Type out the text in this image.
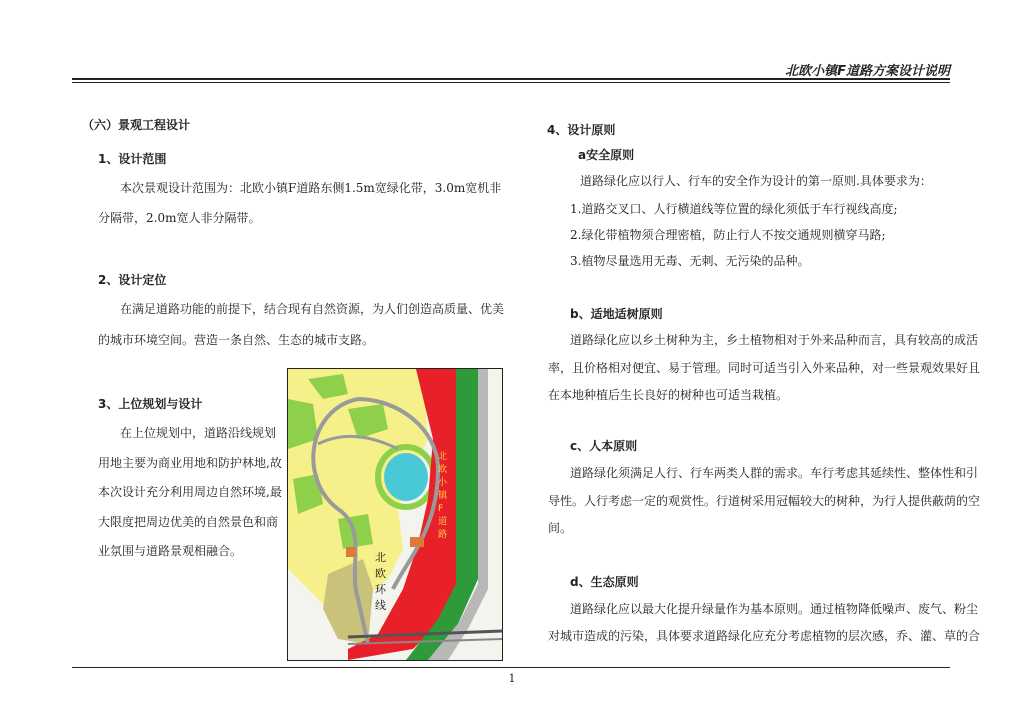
北欧小镇F道路方案设计说明
（六）景观工程设计
1、设计范围
本次景观设计范围为：北欧小镇F道路东侧1.5m宽绿化带，3.0m宽机非
分隔带，2.0m宽人非分隔带。
2、设计定位
在满足道路功能的前提下，结合现有自然资源，为人们创造高质量、优美
的城市环境空间。营造一条自然、生态的城市支路。
3、上位规划与设计
在上位规划中，道路沿线规划
用地主要为商业用地和防护林地,故
本次设计充分利用周边自然环境,最
大限度把周边优美的自然景色和商
业氛围与道路景观相融合。	北欧环线
北欧小镇 F 道路
4、设计原则
a安全原则
道路绿化应以行人、行车的安全作为设计的第一原则.具体要求为：
1.道路交叉口、人行横道线等位置的绿化须低于车行视线高度;
2.绿化带植物须合理密植，防止行人不按交通规则横穿马路;
3.植物尽量选用无毒、无刺、无污染的品种。
b、适地适树原则
道路绿化应以乡土树种为主，乡土植物相对于外来品种而言，具有较高的成活
率，且价格相对便宜、易于管理。同时可适当引入外来品种，对一些景观效果好且
在本地种植后生长良好的树种也可适当栽植。
c、人本原则
道路绿化须满足人行、行车两类人群的需求。车行考虑其延续性、整体性和引
导性。人行考虑一定的观赏性。行道树采用冠幅较大的树种，为行人提供蔽荫的空
间。
d、生态原则
道路绿化应以最大化提升绿量作为基本原则。通过植物降低噪声、废气、粉尘
对城市造成的污染，具体要求道路绿化应充分考虑植物的层次感，乔、灌、草的合
1
